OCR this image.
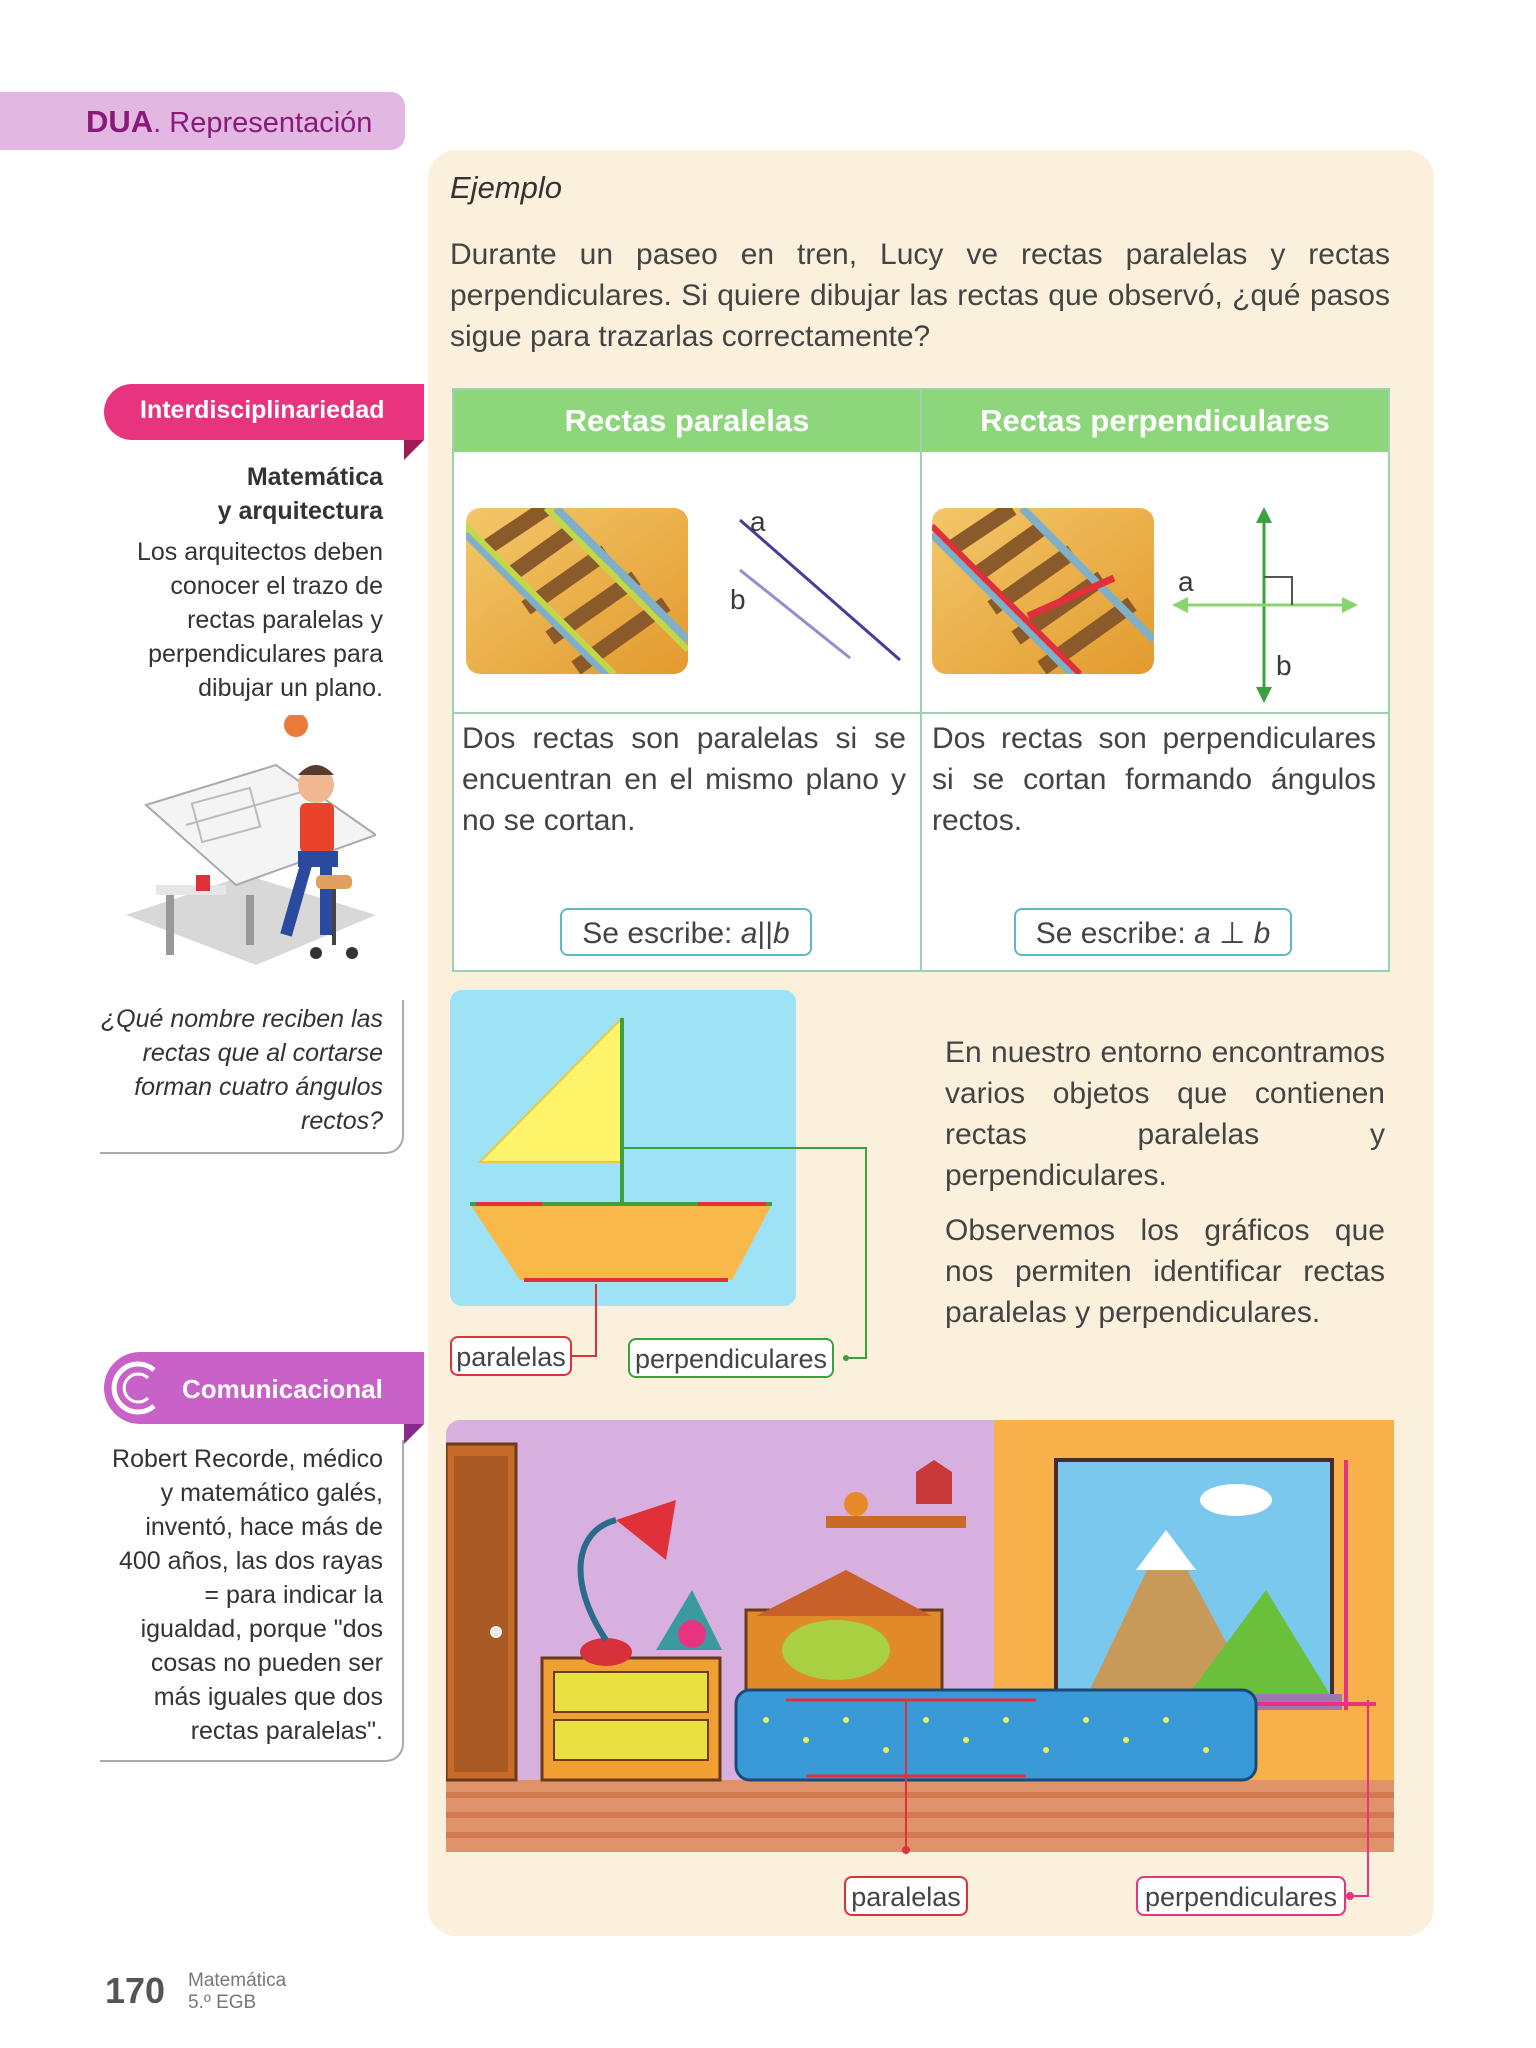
DUA. Representación
Ejemplo
Durante un paseo en tren, Lucy ve rectas paralelas y rectas perpendiculares. Si quiere dibujar las rectas que observó, ¿qué pasos sigue para trazarlas correctamente?
Rectas paralelas	Rectas perpendiculares
a
b
a
b
Dos rectas son paralelas si se encuentran en el mismo plano y no se cortan.
Dos rectas son perpendiculares si se cortan formando ángulos rectos.
Se escribe: a||b	Se escribe: a ⊥ b
Interdisciplinariedad
Matemática
y arquitectura
Los arquitectos deben conocer el trazo de rectas paralelas y perpendiculares para dibujar un plano.
¿Qué nombre reciben las rectas que al cortarse forman cuatro ángulos rectos?
Comunicacional
Robert Recorde, médico y matemático galés, inventó, hace más de 400 años, las dos rayas = para indicar la igualdad, porque "dos cosas no pueden ser más iguales que dos rectas paralelas".
paralelas	perpendiculares
En nuestro entorno encontramos varios objetos que contienen rectas paralelas y perpendiculares.
Observemos los gráficos que nos permiten identificar rectas paralelas y perpendiculares.
paralelas	perpendiculares
170 Matemática
5.º EGB
